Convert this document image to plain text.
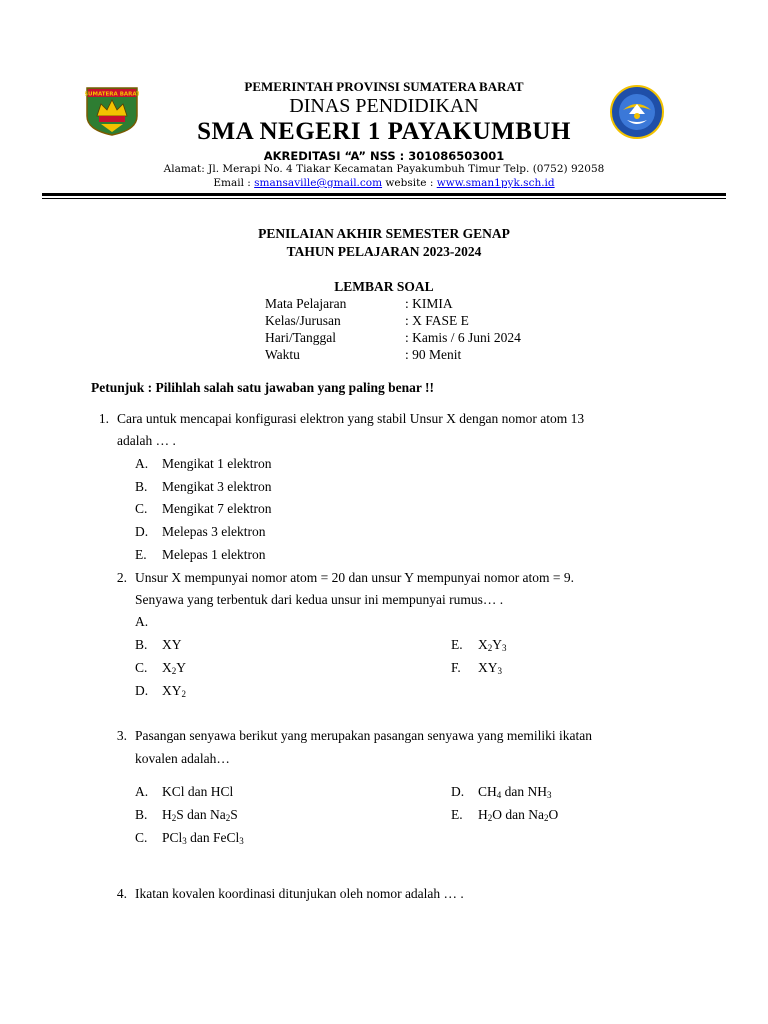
SUMATERA BARAT
PEMERINTAH PROVINSI SUMATERA BARAT
DINAS PENDIDIKAN
SMA NEGERI 1 PAYAKUMBUH
AKREDITASI “A” NSS : 301086503001
Alamat: Jl. Merapi No. 4 Tiakar Kecamatan Payakumbuh Timur Telp. (0752) 92058
Email : smansaville@gmail.com website : www.sman1pyk.sch.id
PENILAIAN AKHIR SEMESTER GENAP
TAHUN PELAJARAN 2023-2024
LEMBAR SOAL
Mata Pelajaran	: KIMIA
Kelas/Jurusan	: X FASE E
Hari/Tanggal	: Kamis / 6 Juni 2024
Waktu	: 90 Menit
Petunjuk : Pilihlah salah satu jawaban yang paling benar !!
1. Cara untuk mencapai konfigurasi elektron yang stabil Unsur X dengan nomor atom 13
adalah … .
A. Mengikat 1 elektron
B. Mengikat 3 elektron
C. Mengikat 7 elektron
D. Melepas 3 elektron
E. Melepas 1 elektron
2. Unsur X mempunyai nomor atom = 20 dan unsur Y mempunyai nomor atom = 9.
Senyawa yang terbentuk dari kedua unsur ini mempunyai rumus… .
A.
B. XY
C. $X_2Y$
D. $XY_2$
E. $X_2Y_3$
F. $XY_3$
3. Pasangan senyawa berikut yang merupakan pasangan senyawa yang memiliki ikatan
kovalen adalah…
A. KCl dan HCl
B. $H_2S$ dan $Na_2S$
C. PCl$_3$ dan FeCl$_3$
D. $CH_4$ dan $NH_3$
E. $H_2O$ dan $Na_2O$
4. Ikatan kovalen koordinasi ditunjukan oleh nomor adalah … .
